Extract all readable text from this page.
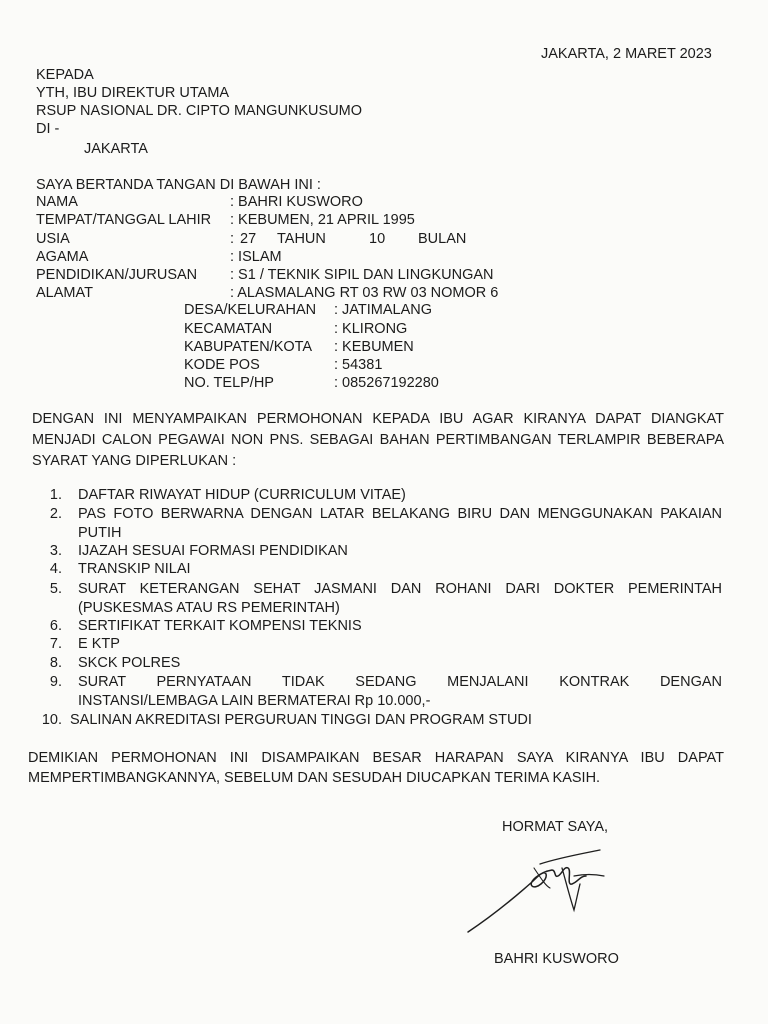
JAKARTA, 2 MARET 2023
KEPADA
YTH, IBU DIREKTUR UTAMA
RSUP NASIONAL DR. CIPTO MANGUNKUSUMO
DI -
JAKARTA
SAYA BERTANDA TANGAN DI BAWAH INI :
NAMA	: BAHRI KUSWORO
TEMPAT/TANGGAL LAHIR : KEBUMEN, 21 APRIL 1995
USIA	: 27 TAHUN	10 BULAN
AGAMA	: ISLAM
PENDIDIKAN/JURUSAN : S1 / TEKNIK SIPIL DAN LINGKUNGAN
ALAMAT	: ALASMALANG RT 03 RW 03 NOMOR 6
DESA/KELURAHAN : JATIMALANG
KECAMATAN	: KLIRONG
KABUPATEN/KOTA : KEBUMEN
KODE POS	: 54381
NO. TELP/HP	: 085267192280
DENGAN INI MENYAMPAIKAN PERMOHONAN KEPADA IBU AGAR KIRANYA DAPAT DIANGKAT
MENJADI CALON PEGAWAI NON PNS. SEBAGAI BAHAN PERTIMBANGAN TERLAMPIR BEBERAPA
SYARAT YANG DIPERLUKAN :
1. DAFTAR RIWAYAT HIDUP (CURRICULUM VITAE)
2. PAS FOTO BERWARNA DENGAN LATAR BELAKANG BIRU DAN MENGGUNAKAN PAKAIAN
PUTIH
3. IJAZAH SESUAI FORMASI PENDIDIKAN
4. TRANSKIP NILAI
5. SURAT KETERANGAN SEHAT JASMANI DAN ROHANI DARI DOKTER PEMERINTAH
(PUSKESMAS ATAU RS PEMERINTAH)
6. SERTIFIKAT TERKAIT KOMPENSI TEKNIS
7. E KTP
8. SKCK POLRES
9. SURAT PERNYATAAN TIDAK SEDANG MENJALANI KONTRAK DENGAN
INSTANSI/LEMBAGA LAIN BERMATERAI Rp 10.000,-
10. SALINAN AKREDITASI PERGURUAN TINGGI DAN PROGRAM STUDI
DEMIKIAN PERMOHONAN INI DISAMPAIKAN BESAR HARAPAN SAYA KIRANYA IBU DAPAT
MEMPERTIMBANGKANNYA, SEBELUM DAN SESUDAH DIUCAPKAN TERIMA KASIH.
HORMAT SAYA,
BAHRI KUSWORO
